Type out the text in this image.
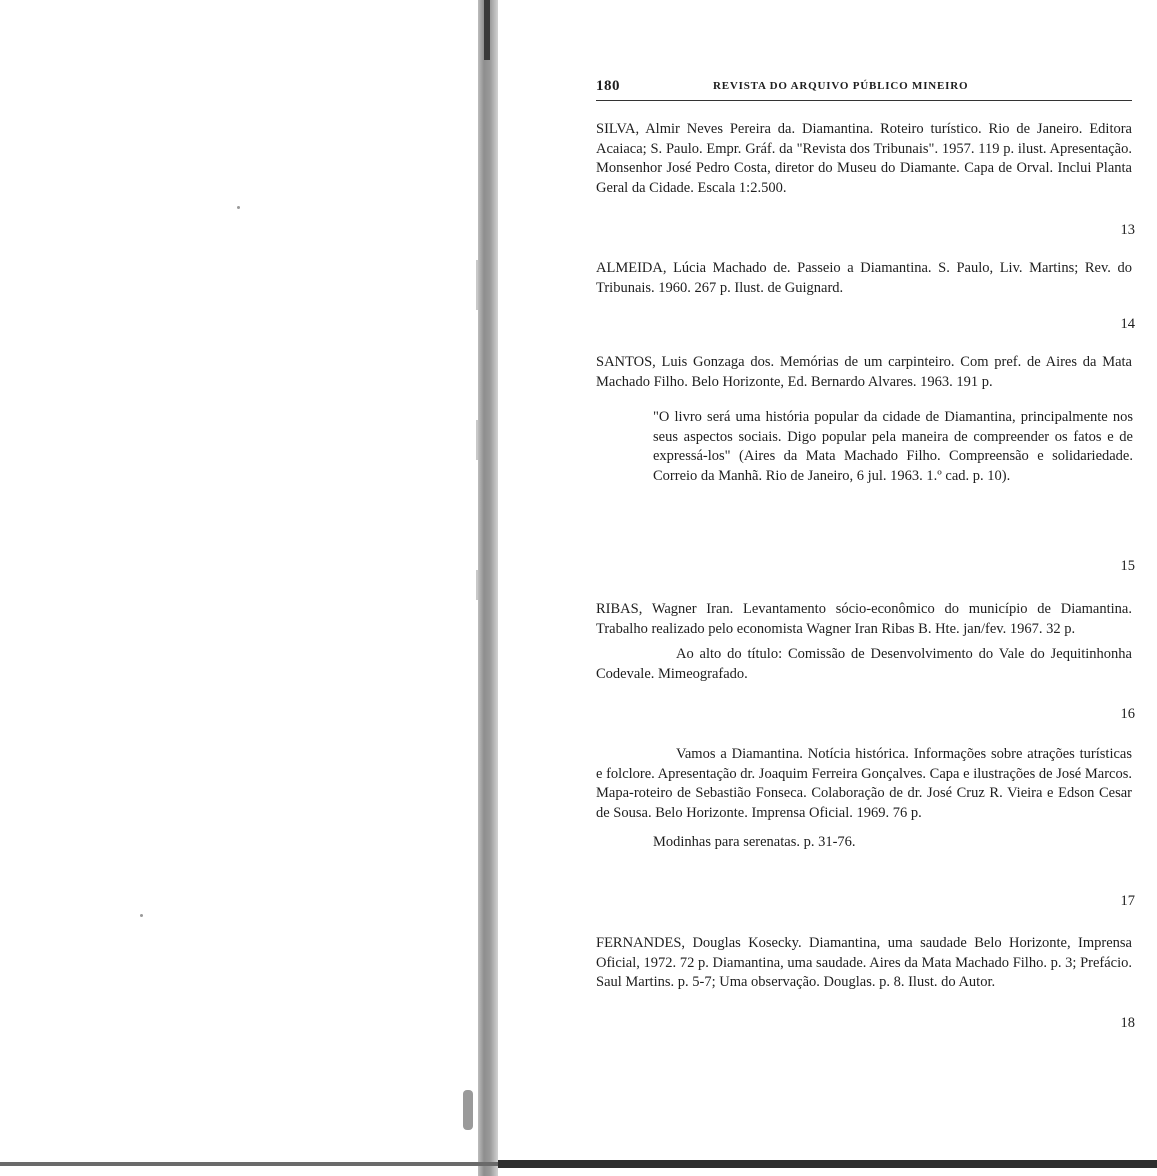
180	REVISTA DO ARQUIVO PÚBLICO MINEIRO

SILVA, Almir Neves Pereira da. Diamantina. Roteiro turístico. Rio de Janeiro. Editora Acaiaca; S. Paulo. Empr. Gráf. da "Revista dos Tribunais". 1957. 119 p. ilust. Apresentação. Monsenhor José Pedro Costa, diretor do Museu do Diamante. Capa de Orval. Inclui Planta Geral da Cidade. Escala 1:2.500.

13

ALMEIDA, Lúcia Machado de. Passeio a Diamantina. S. Paulo, Liv. Martins; Rev. do Tribunais. 1960. 267 p. Ilust. de Guignard.

14

SANTOS, Luis Gonzaga dos. Memórias de um carpinteiro. Com pref. de Aires da Mata Machado Filho. Belo Horizonte, Ed. Bernardo Alvares. 1963. 191 p.

"O livro será uma história popular da cidade de Diamantina, principalmente nos seus aspectos sociais. Digo popular pela maneira de compreender os fatos e de expressá-los" (Aires da Mata Machado Filho. Compreensão e solidariedade. Correio da Manhã. Rio de Janeiro, 6 jul. 1963. 1.º cad. p. 10).

15

RIBAS, Wagner Iran. Levantamento sócio-econômico do município de Diamantina. Trabalho realizado pelo economista Wagner Iran Ribas B. Hte. jan/fev. 1967. 32 p.

Ao alto do título: Comissão de Desenvolvimento do Vale do Jequitinhonha Codevale. Mimeografado.

16

Vamos a Diamantina. Notícia histórica. Informações sobre atrações turísticas e folclore. Apresentação dr. Joaquim Ferreira Gonçalves. Capa e ilustrações de José Marcos. Mapa-roteiro de Sebastião Fonseca. Colaboração de dr. José Cruz R. Vieira e Edson Cesar de Sousa. Belo Horizonte. Imprensa Oficial. 1969. 76 p.

Modinhas para serenatas. p. 31-76.

17

FERNANDES, Douglas Kosecky. Diamantina, uma saudade Belo Horizonte, Imprensa Oficial, 1972. 72 p. Diamantina, uma saudade. Aires da Mata Machado Filho. p. 3; Prefácio. Saul Martins. p. 5-7; Uma observação. Douglas. p. 8. Ilust. do Autor.

18
